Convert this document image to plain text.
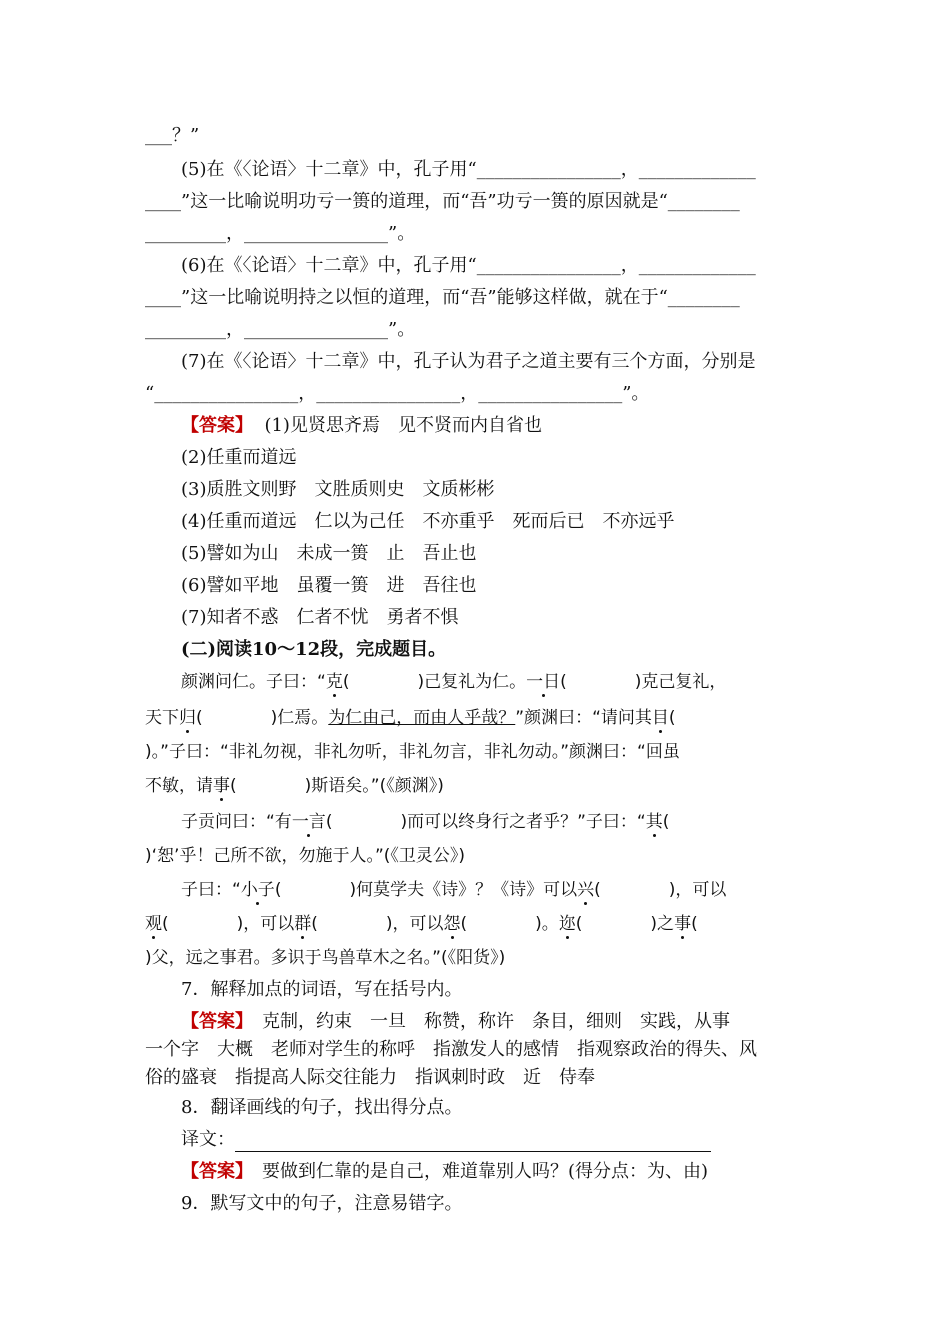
___？”
(5)在《〈论语〉十二章》中，孔子用“________________，_____________
____”这一比喻说明功亏一篑的道理，而“吾”功亏一篑的原因就是“________
_________，________________”。
(6)在《〈论语〉十二章》中，孔子用“________________，_____________
____”这一比喻说明持之以恒的道理，而“吾”能够这样做，就在于“________
_________，________________”。
(7)在《〈论语〉十二章》中，孔子认为君子之道主要有三个方面，分别是
“________________，________________，________________”。
【答案】 (1)见贤思齐焉　见不贤而内自省也
(2)任重而道远
(3)质胜文则野　文胜质则史　文质彬彬
(4)任重而道远　仁以为己任　不亦重乎　死而后已　不亦远乎
(5)譬如为山　未成一篑　止　吾止也
(6)譬如平地　虽覆一篑　进　吾往也
(7)知者不惑　仁者不忧　勇者不惧
(二)阅读10～12段，完成题目。
颜渊问仁。子曰：“克(　　　　)己复礼为仁。一日(　　　　)克己复礼，
天下归(　　　　)仁焉。为仁由己，而由人乎哉？”颜渊曰：“请问其目(
)。”子曰：“非礼勿视，非礼勿听，非礼勿言，非礼勿动。”颜渊曰：“回虽
不敏，请事(　　　　)斯语矣。”(《颜渊》)
子贡问曰：“有一言(　　　　)而可以终身行之者乎？”子曰：“其(
)‘恕’乎！己所不欲，勿施于人。”(《卫灵公》)
子曰：“小子(　　　　)何莫学夫《诗》？《诗》可以兴(　　　　)，可以
观(　　　　)，可以群(　　　　)，可以怨(　　　　)。迩(　　　　)之事(
)父，远之事君。多识于鸟兽草木之名。”(《阳货》)
7．解释加点的词语，写在括号内。
【答案】　克制，约束　一旦　称赞，称许　条目，细则　实践，从事
一个字　大概　老师对学生的称呼　指激发人的感情　指观察政治的得失、风
俗的盛衰　指提高人际交往能力　指讽刺时政　近　侍奉
8．翻译画线的句子，找出得分点。
译文：
【答案】　要做到仁靠的是自己，难道靠别人吗？(得分点：为、由)
9．默写文中的句子，注意易错字。
